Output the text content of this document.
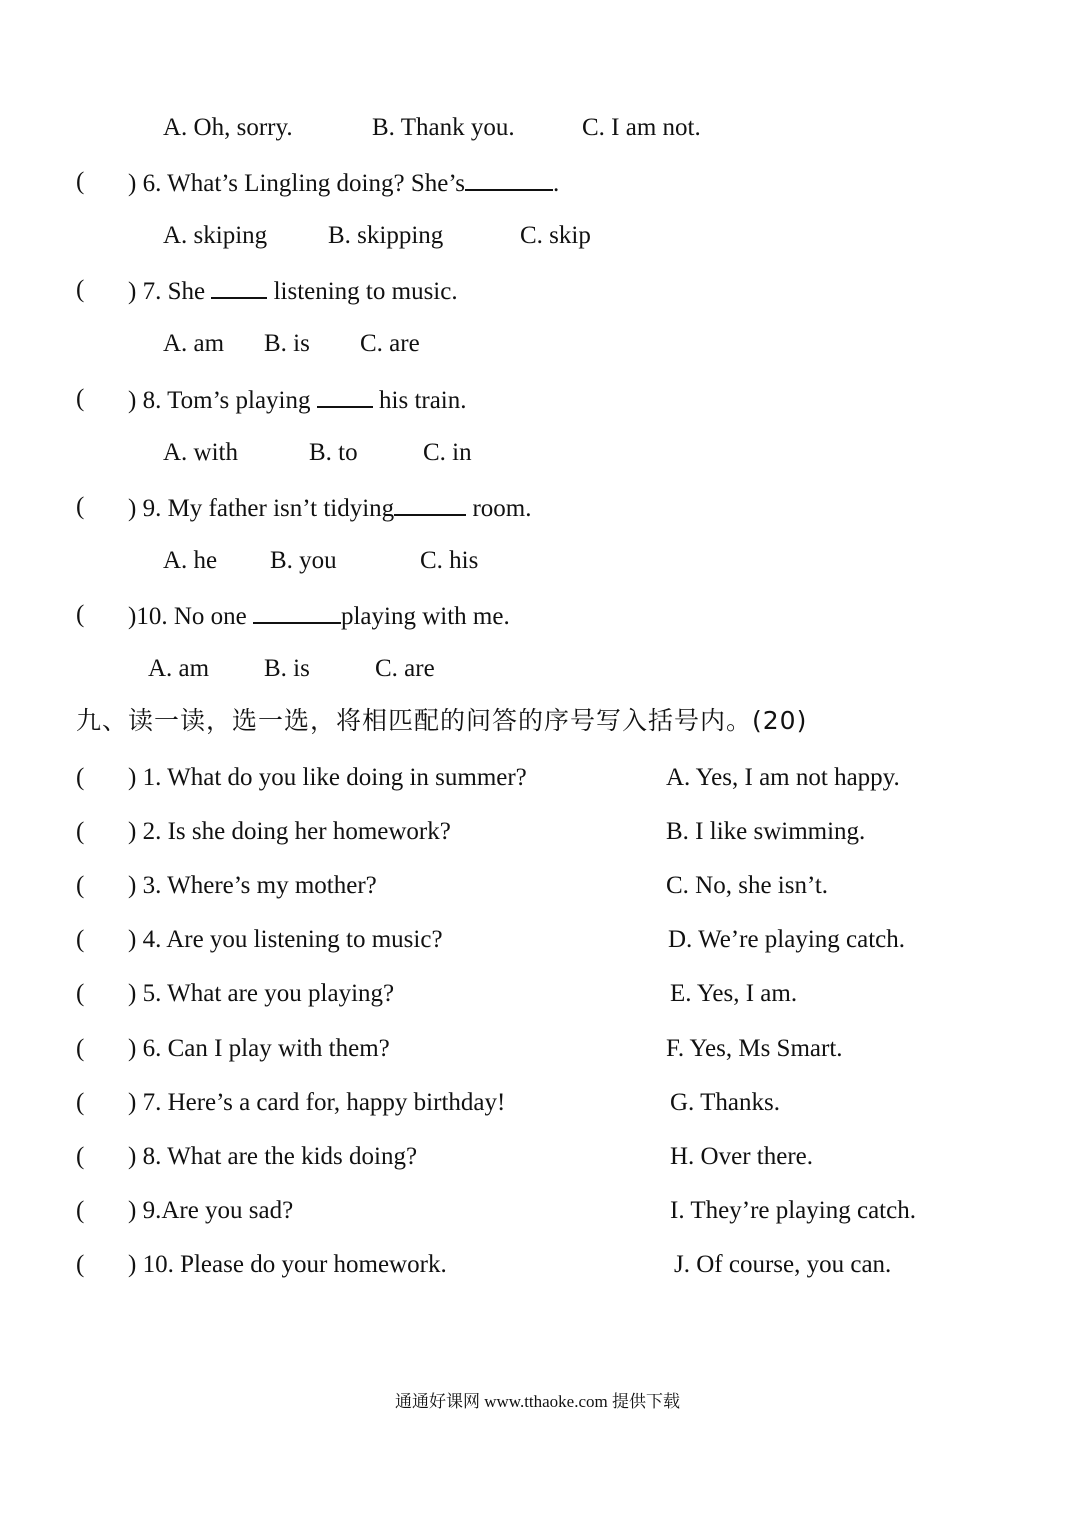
A. Oh, sorry.	B. Thank you.	C. I am not.
( ) 6. What’s Lingling doing? She’s	.
A. skiping B. skipping	C. skip
( ) 7. She  listening to music.
A. am B. is C. are
( ) 8. Tom’s playing  his train.
A. with	B. to	C. in
( ) 9. My father isn’t tidying	room.
A. he B. you	C. his
( )10. No one	playing with me.
A. am B. is	C. are
九、读一读，选一选，将相匹配的问答的序号写入括号内。(20)
( ) 1. What do you like doing in summer?	A. Yes, I am not happy.
( ) 2. Is she doing her homework?	B. I like swimming.
( ) 3. Where’s my mother?	C. No, she isn’t.
( ) 4. Are you listening to music?	D. We’re playing catch.
( ) 5. What are you playing?	E. Yes, I am.
( ) 6. Can I play with them?	F. Yes, Ms Smart.
( ) 7. Here’s a card for, happy birthday!	G. Thanks.
( ) 8. What are the kids doing?	H. Over there.
( ) 9.Are you sad?	I. They’re playing catch.
( ) 10. Please do your homework.	J. Of course, you can.
通通好课网 www.tthaoke.com 提供下载
